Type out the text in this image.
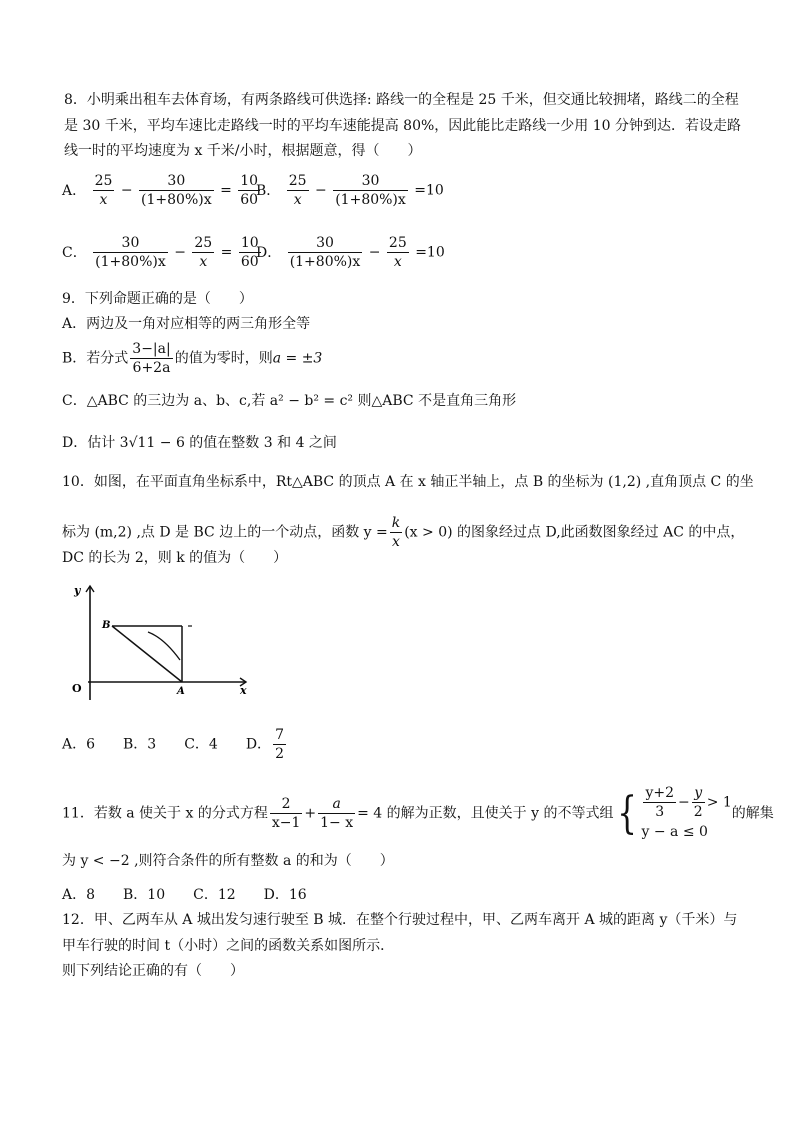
8．小明乘出租车去体育场，有两条路线可供选择: 路线一的全程是 25 千米，但交通比较拥堵，路线二的全程
是 30 千米，平均车速比走路线一时的平均车速能提高 80%，因此能比走路线一少用 10 分钟到达．若设走路
线一时的平均速度为 x 千米/小时，根据题意，得（　　）
A． $\frac{25}{x} - \frac{30}{(1+80\%)x} = \frac{10}{60}$
B． $\frac{25}{x} - \frac{30}{(1+80\%)x} =10$
C． $\frac{30}{(1+80\%)x} - \frac{25}{x} = \frac{10}{60}$
D． $\frac{30}{(1+80\%)x} - \frac{25}{x} =10$
9．下列命题正确的是（　　）
A．两边及一角对应相等的两三角形全等
B．若分式 $\frac{3-|a|}{6+2a}$ 的值为零时，则a = ±3
C．△ABC 的三边为 a、b、c,若 a² − b² = c² 则△ABC 不是直角三角形
D．估计 3√11 − 6 的值在整数 3 和 4 之间
10．如图，在平面直角坐标系中，Rt△ABC 的顶点 A 在 x 轴正半轴上，点 B 的坐标为 (1,2) ,直角顶点 C 的坐
标为 (m,2) ,点 D 是 BC 边上的一个动点，函数 $y = \frac{k}{x} (x > 0)$ 的图象经过点 D,此函数图象经过 AC 的中点，
DC 的长为 2，则 k 的值为（　　）
y
x
O
B
A
A．6　　B．3　　C．4　　D． $\frac{7}{2}$
11．若数 a 使关于 x 的分式方程 $\frac{2}{x-1} + \frac{a}{1- x} = 4$ 的解为正数，且使关于 y 的不等式组{ $\frac{y+2}{3} - \frac{y}{2} > 1$
y − a ≤ 0
的解集
为 y < −2 ,则符合条件的所有整数 a 的和为（　　）
A．8　　B．10　　C．12　　D．16
12．甲、乙两车从 A 城出发匀速行驶至 B 城．在整个行驶过程中，甲、乙两车离开 A 城的距离 y（千米）与
甲车行驶的时间 t（小时）之间的函数关系如图所示．
则下列结论正确的有（　　）
